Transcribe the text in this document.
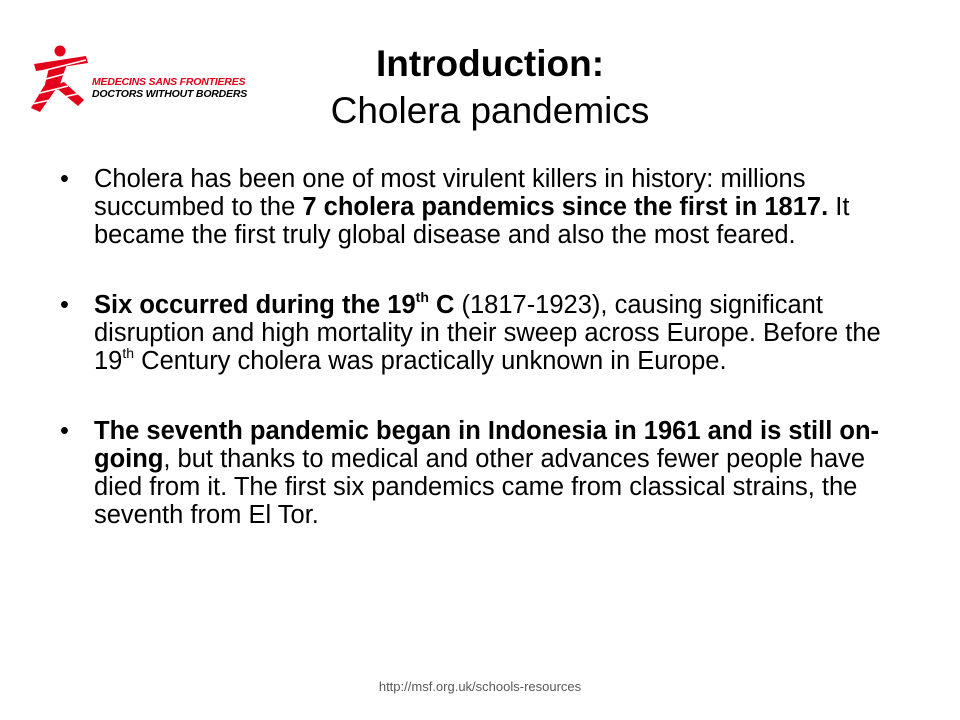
MEDECINS SANS FRONTIERES
DOCTORS WITHOUT BORDERS
Introduction:
Cholera pandemics
• Cholera has been one of most virulent killers in history: millions succumbed to the 7 cholera pandemics since the first in 1817. It became the first truly global disease and also the most feared.
• Six occurred during the 19th C (1817-1923), causing significant disruption and high mortality in their sweep across Europe. Before the 19th Century cholera was practically unknown in Europe.
• The seventh pandemic began in Indonesia in 1961 and is still on-going, but thanks to medical and other advances fewer people have died from it. The first six pandemics came from classical strains, the seventh from El Tor.
http://msf.org.uk/schools-resources
